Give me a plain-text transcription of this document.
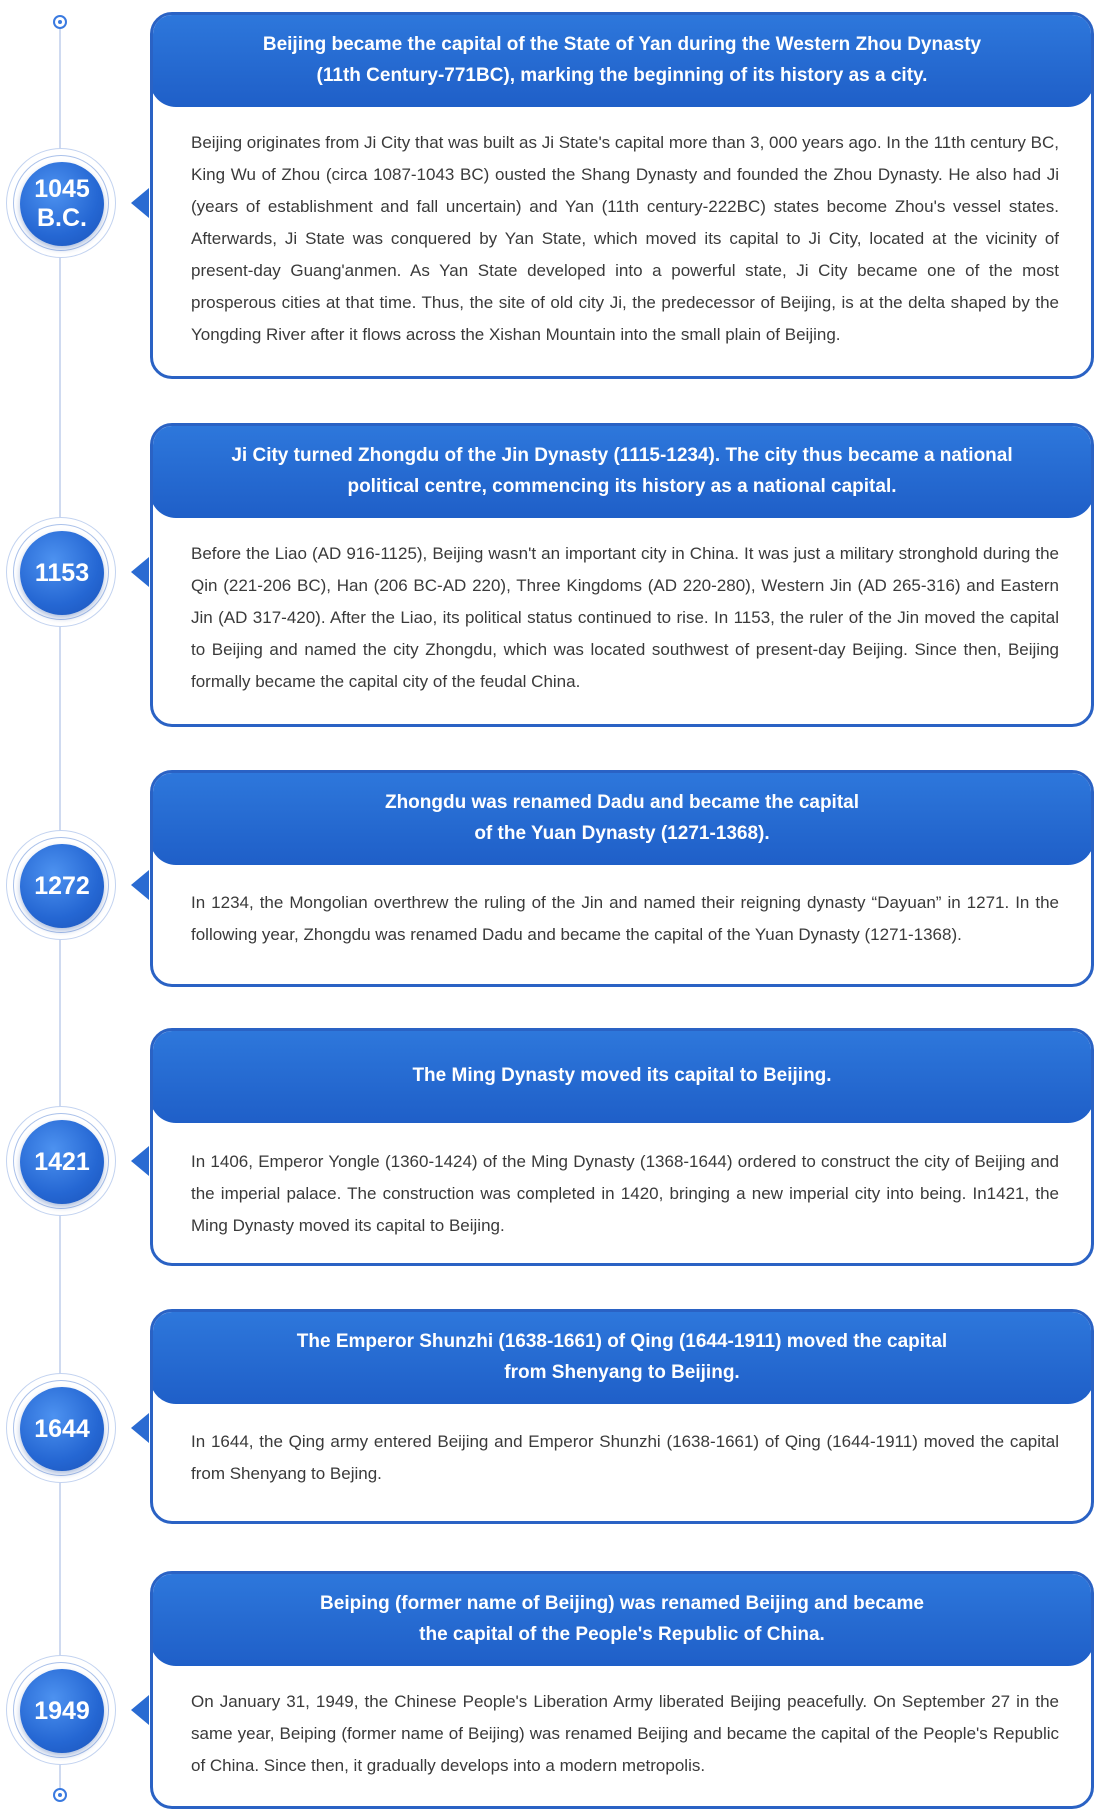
1045
B.C.
Beijing became the capital of the State of Yan during the Western Zhou Dynasty
(11th Century-771BC), marking the beginning of its history as a city.
Beijing originates from Ji City that was built as Ji State's capital more than 3, 000 years ago. In the 11th century BC, King Wu of Zhou (circa 1087-1043 BC) ousted the Shang Dynasty and founded the Zhou Dynasty. He also had Ji (years of establishment and fall uncertain) and Yan (11th century-222BC) states become Zhou's vessel states. Afterwards, Ji State was conquered by Yan State, which moved its capital to Ji City, located at the vicinity of present-day Guang'anmen. As Yan State developed into a powerful state, Ji City became one of the most prosperous cities at that time. Thus, the site of old city Ji, the predecessor of Beijing, is at the delta shaped by the Yongding River after it flows across the Xishan Mountain into the small plain of Beijing.
1153
Ji City turned Zhongdu of the Jin Dynasty (1115-1234). The city thus became a national
political centre, commencing its history as a national capital.
Before the Liao (AD 916-1125), Beijing wasn't an important city in China. It was just a military stronghold during the Qin (221-206 BC), Han (206 BC-AD 220), Three Kingdoms (AD 220-280), Western Jin (AD 265-316) and Eastern Jin (AD 317-420). After the Liao, its political status continued to rise. In 1153, the ruler of the Jin moved the capital to Beijing and named the city Zhongdu, which was located southwest of present-day Beijing. Since then, Beijing formally became the capital city of the feudal China.
1272
Zhongdu was renamed Dadu and became the capital
of the Yuan Dynasty (1271-1368).
In 1234, the Mongolian overthrew the ruling of the Jin and named their reigning dynasty “Dayuan” in 1271. In the following year, Zhongdu was renamed Dadu and became the capital of the Yuan Dynasty (1271-1368).
1421
The Ming Dynasty moved its capital to Beijing.
In 1406, Emperor Yongle (1360-1424) of the Ming Dynasty (1368-1644) ordered to construct the city of Beijing and the imperial palace. The construction was completed in 1420, bringing a new imperial city into being. In1421, the Ming Dynasty moved its capital to Beijing.
1644
The Emperor Shunzhi (1638-1661) of Qing (1644-1911) moved the capital
from Shenyang to Beijing.
In 1644, the Qing army entered Beijing and Emperor Shunzhi (1638-1661) of Qing (1644-1911) moved the capital from Shenyang to Bejing.
1949
Beiping (former name of Beijing) was renamed Beijing and became
the capital of the People's Republic of China.
On January 31, 1949, the Chinese People's Liberation Army liberated Beijing peacefully. On September 27 in the same year, Beiping (former name of Beijing) was renamed Beijing and became the capital of the People's Republic of China. Since then, it gradually develops into a modern metropolis.
